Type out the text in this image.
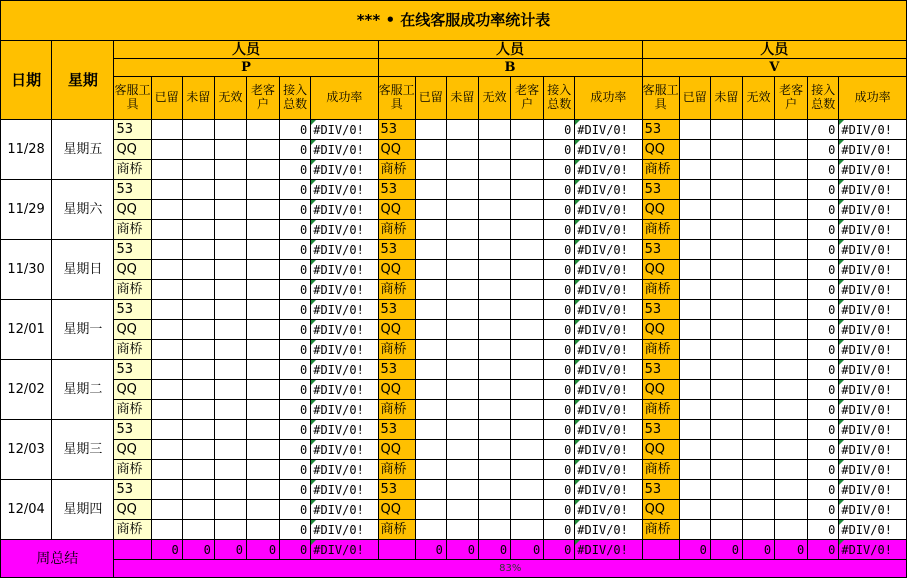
*** • 在线客服成功率统计表																						
日期	星期	人员							人员							人员						
		P							B							V						
		客服工具	已留	未留	无效	老客户	接入总数	成功率	客服工具	已留	未留	无效	老客户	接入总数	成功率	客服工具	已留	未留	无效	老客户	接入总数	成功率
11/28	星期五	53					0	#DIV/0!	53					0	#DIV/0!	53					0	#DIV/0!
		QQ					0	#DIV/0!	QQ					0	#DIV/0!	QQ					0	#DIV/0!
		商桥					0	#DIV/0!	商桥					0	#DIV/0!	商桥					0	#DIV/0!
11/29	星期六	53					0	#DIV/0!	53					0	#DIV/0!	53					0	#DIV/0!
		QQ					0	#DIV/0!	QQ					0	#DIV/0!	QQ					0	#DIV/0!
		商桥					0	#DIV/0!	商桥					0	#DIV/0!	商桥					0	#DIV/0!
11/30	星期日	53					0	#DIV/0!	53					0	#DIV/0!	53					0	#DIV/0!
		QQ					0	#DIV/0!	QQ					0	#DIV/0!	QQ					0	#DIV/0!
		商桥					0	#DIV/0!	商桥					0	#DIV/0!	商桥					0	#DIV/0!
12/01	星期一	53					0	#DIV/0!	53					0	#DIV/0!	53					0	#DIV/0!
		QQ					0	#DIV/0!	QQ					0	#DIV/0!	QQ					0	#DIV/0!
		商桥					0	#DIV/0!	商桥					0	#DIV/0!	商桥					0	#DIV/0!
12/02	星期二	53					0	#DIV/0!	53					0	#DIV/0!	53					0	#DIV/0!
		QQ					0	#DIV/0!	QQ					0	#DIV/0!	QQ					0	#DIV/0!
		商桥					0	#DIV/0!	商桥					0	#DIV/0!	商桥					0	#DIV/0!
12/03	星期三	53					0	#DIV/0!	53					0	#DIV/0!	53					0	#DIV/0!
		QQ					0	#DIV/0!	QQ					0	#DIV/0!	QQ					0	#DIV/0!
		商桥					0	#DIV/0!	商桥					0	#DIV/0!	商桥					0	#DIV/0!
12/04	星期四	53					0	#DIV/0!	53					0	#DIV/0!	53					0	#DIV/0!
		QQ					0	#DIV/0!	QQ					0	#DIV/0!	QQ					0	#DIV/0!
		商桥					0	#DIV/0!	商桥					0	#DIV/0!	商桥					0	#DIV/0!
周总结			0	0	0	0	0	#DIV/0!		0	0	0	0	0	#DIV/0!		0	0	0	0	0	#DIV/0!
		83%																				
